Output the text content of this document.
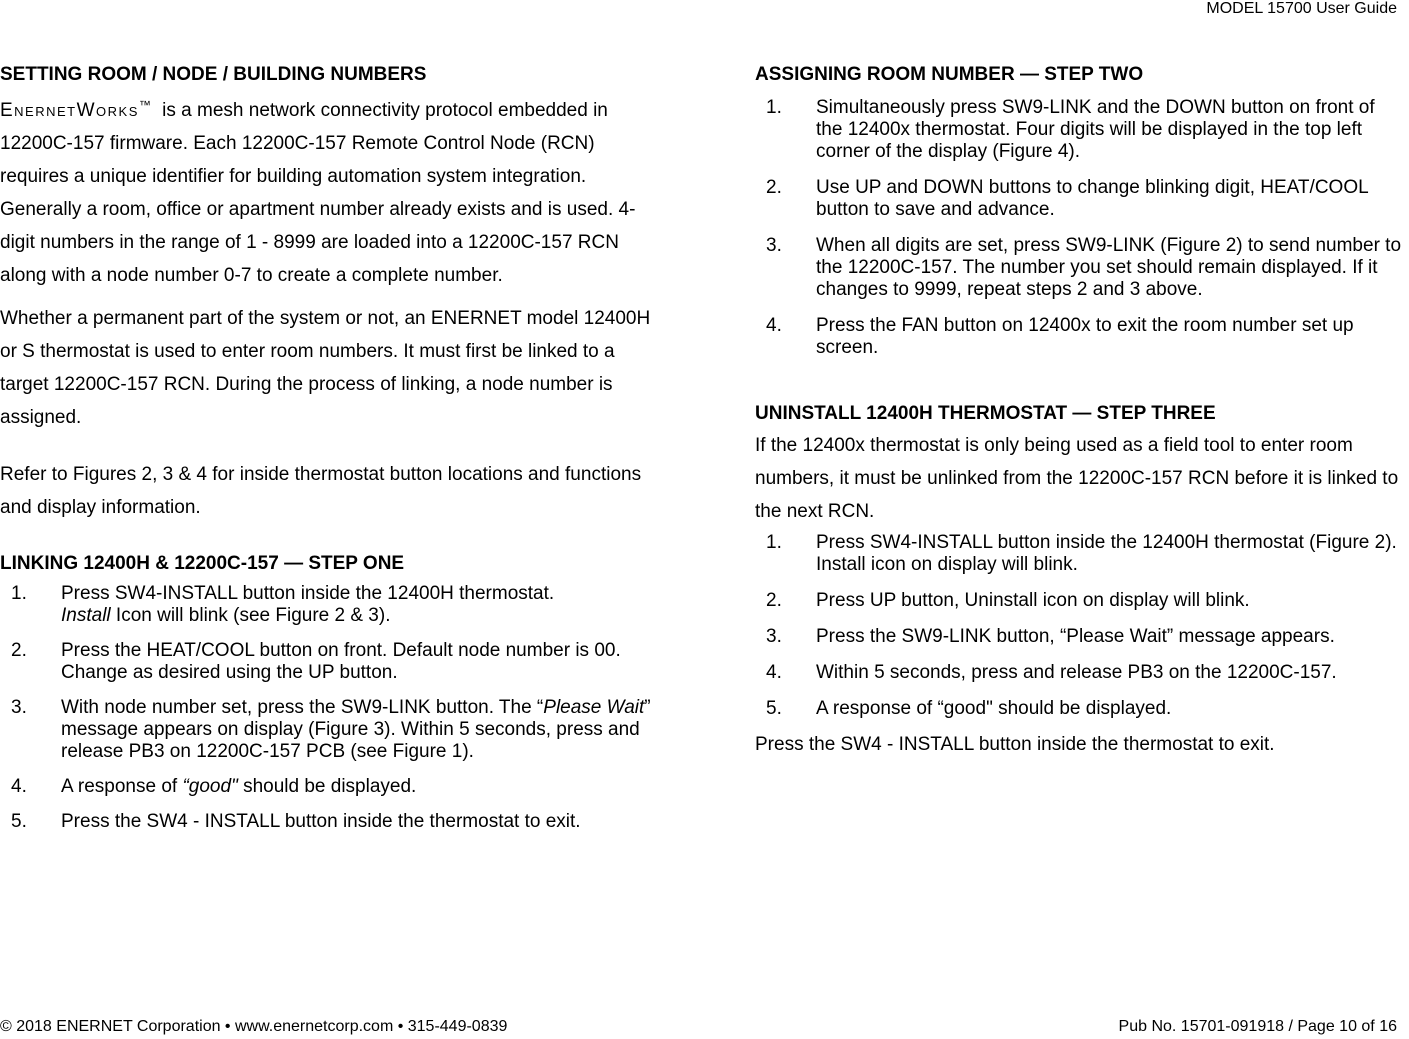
MODEL 15700 User Guide
SETTING ROOM / NODE / BUILDING NUMBERS

EnernetWorks™ is a mesh network connectivity protocol embedded in 12200C-157 firmware. Each 12200C-157 Remote Control Node (RCN) requires a unique identifier for building automation system integration. Generally a room, office or apartment number already exists and is used. 4-digit numbers in the range of 1 - 8999 are loaded into a 12200C-157 RCN along with a node number 0-7 to create a complete number.

Whether a permanent part of the system or not, an ENERNET model 12400H or S thermostat is used to enter room numbers. It must first be linked to a target 12200C-157 RCN. During the process of linking, a node number is assigned.

Refer to Figures 2, 3 & 4 for inside thermostat button locations and functions and display information.

LINKING 12400H & 12200C-157 — STEP ONE
1. Press SW4-INSTALL button inside the 12400H thermostat.
Install Icon will blink (see Figure 2 & 3).
2. Press the HEAT/COOL button on front. Default node number is 00. Change as desired using the UP button.
3. With node number set, press the SW9-LINK button. The “Please Wait” message appears on display (Figure 3). Within 5 seconds, press and release PB3 on 12200C-157 PCB (see Figure 1).
4. A response of “good" should be displayed.
5. Press the SW4 - INSTALL button inside the thermostat to exit.
ASSIGNING ROOM NUMBER — STEP TWO
1. Simultaneously press SW9-LINK and the DOWN button on front of the 12400x thermostat. Four digits will be displayed in the top left corner of the display (Figure 4).
2. Use UP and DOWN buttons to change blinking digit, HEAT/COOL button to save and advance.
3. When all digits are set, press SW9-LINK (Figure 2) to send number to the 12200C-157. The number you set should remain displayed. If it changes to 9999, repeat steps 2 and 3 above.
4. Press the FAN button on 12400x to exit the room number set up screen.
UNINSTALL 12400H THERMOSTAT — STEP THREE

If the 12400x thermostat is only being used as a field tool to enter room numbers, it must be unlinked from the 12200C-157 RCN before it is linked to the next RCN.

1. Press SW4-INSTALL button inside the 12400H thermostat (Figure 2). Install icon on display will blink.
2. Press UP button, Uninstall icon on display will blink.
3. Press the SW9-LINK button, “Please Wait” message appears.
4. Within 5 seconds, press and release PB3 on the 12200C-157.
5. A response of “good" should be displayed.

Press the SW4 - INSTALL button inside the thermostat to exit.

© 2018 ENERNET Corporation • www.enernetcorp.com • 315-449-0839	Pub No. 15701-091918 / Page 10 of 16
